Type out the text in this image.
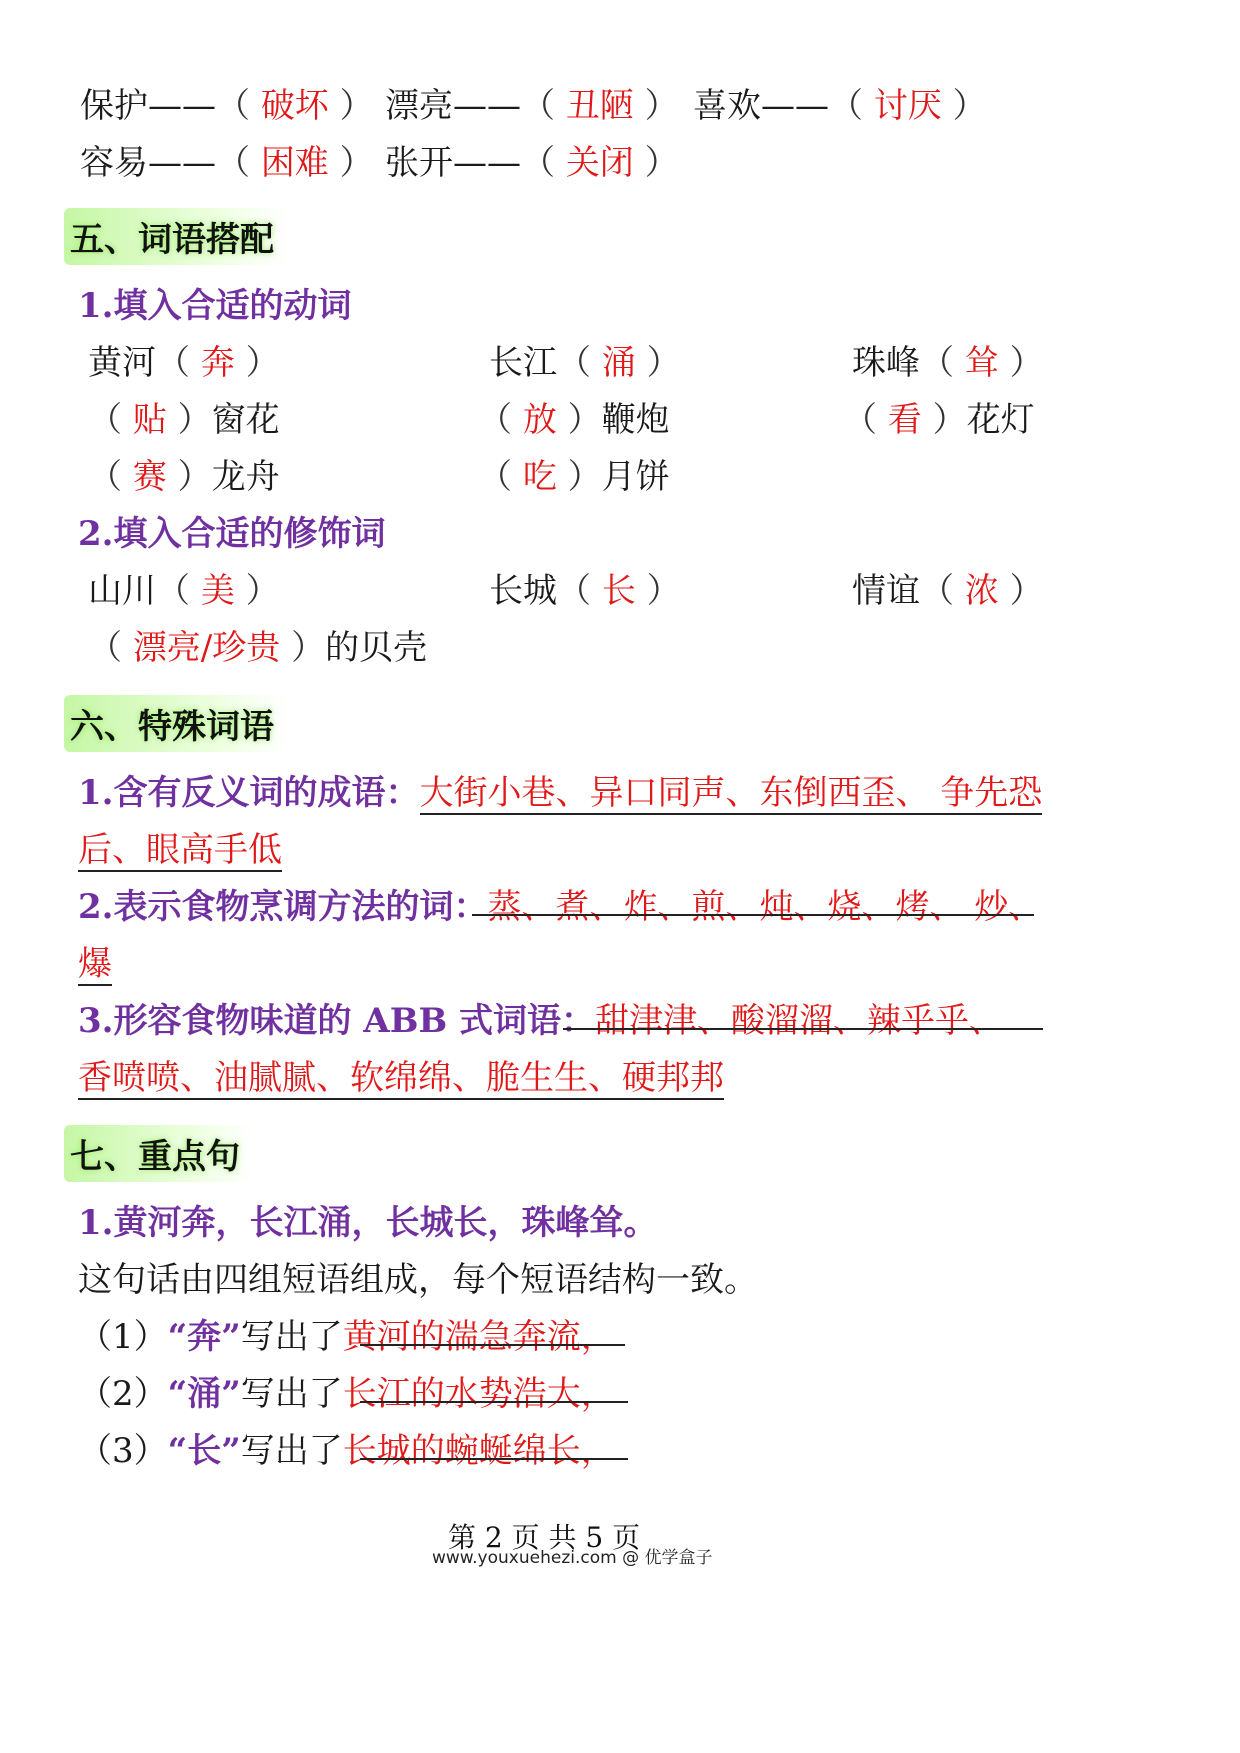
保护——（ 破坏 ） 漂亮——（ 丑陋 ） 喜欢——（ 讨厌 ）
容易——（ 困难 ） 张开——（ 关闭 ）
五、词语搭配
1.填入合适的动词
黄河（ 奔 ）	长江（ 涌 ）	珠峰（ 耸 ）
（ 贴 ）窗花	（ 放 ）鞭炮	（ 看 ）花灯
（ 赛 ）龙舟	（ 吃 ）月饼
2.填入合适的修饰词
山川（ 美 ）	长城（ 长 ）	情谊（ 浓 ）
（ 漂亮/珍贵 ）的贝壳
六、特殊词语
1.含有反义词的成语：大街小巷、异口同声、东倒西歪、 争先恐
后、眼高手低
2.表示食物烹调方法的词：蒸、煮、炸、煎、炖、烧、烤、 炒、
爆
3.形容食物味道的 ABB 式词语：甜津津、酸溜溜、辣乎乎、
香喷喷、油腻腻、软绵绵、脆生生、硬邦邦
七、重点句
1.黄河奔，长江涌，长城长，珠峰耸。
这句话由四组短语组成，每个短语结构一致。
（1）“奔”写出了黄河的湍急奔流，
（2）“涌”写出了长江的水势浩大，
（3）“长”写出了长城的蜿蜒绵长，
第 2 页 共 5 页
www.youxuehezi.com @ 优学盒子
